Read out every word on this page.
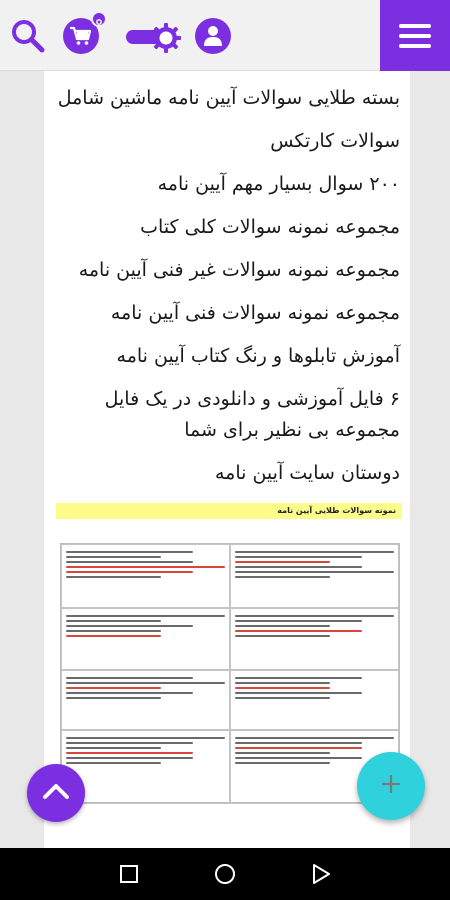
بسته طلایی سوالات آیین نامه ماشین شامل
سوالات کارتکس
۲۰۰ سوال بسیار مهم آیین نامه
مجموعه نمونه سوالات کلی کتاب
مجموعه نمونه سوالات غیر فنی آیین نامه
مجموعه نمونه سوالات فنی آیین نامه
آموزش تابلوها و رنگ کتاب آیین نامه
۶ فایل آموزشی و دانلودی در یک فایل مجموعه بی نظیر برای شما
دوستان سایت آیین نامه
نمونه سوالات طلایی آیین نامه
